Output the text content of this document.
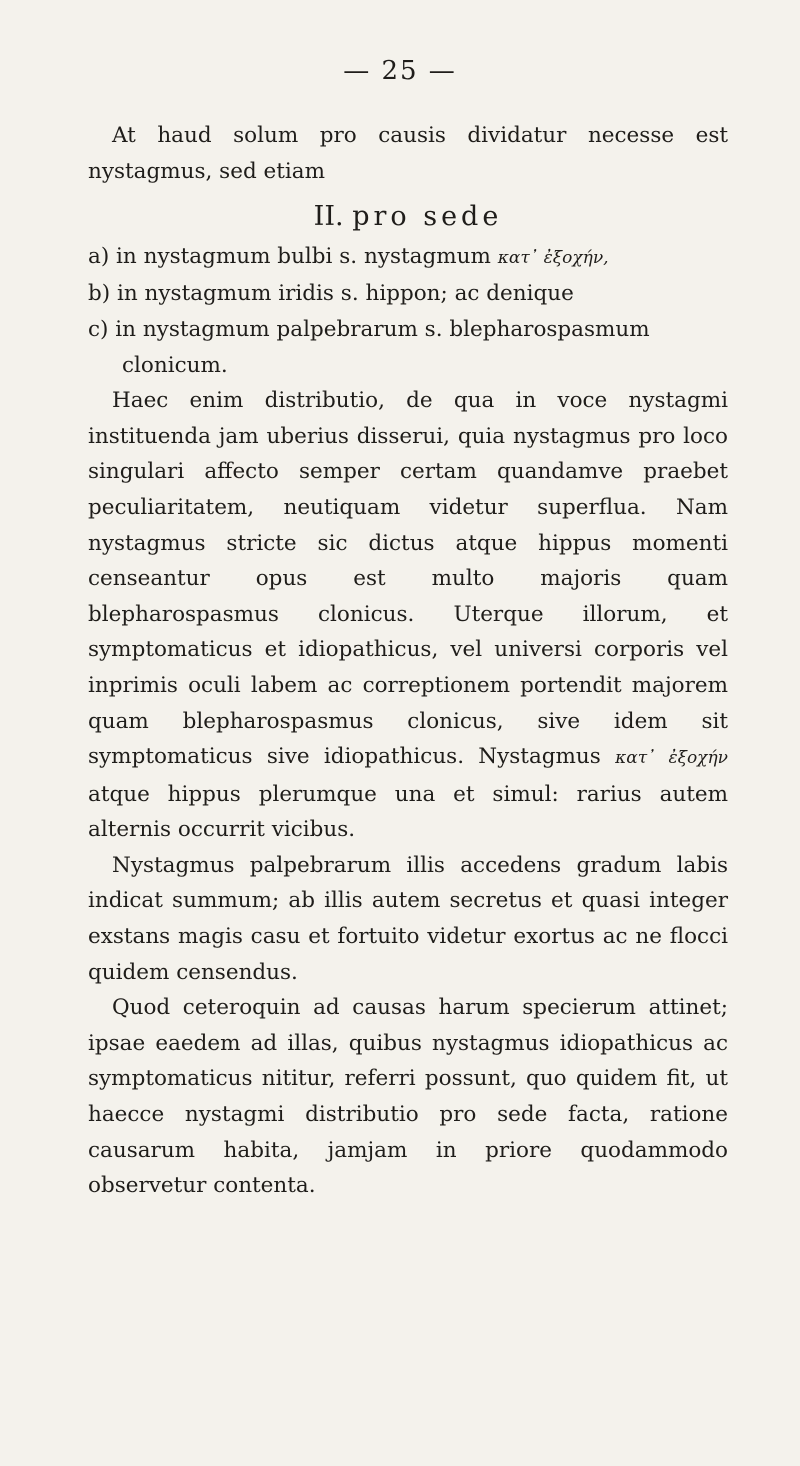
— 25 —

At haud solum pro causis dividatur necesse est nystagmus, sed etiam

II. pro sede

a) in nystagmum bulbi s. nystagmum κατ᾽ ἐξοχήν,

b) in nystagmum iridis s. hippon; ac denique

c) in nystagmum palpebrarum s. blepharospasmum

clonicum.

Haec enim distributio, de qua in voce nystagmi instituenda jam uberius disserui, quia nystagmus pro loco singulari affecto semper certam quandamve praebet peculiaritatem, neutiquam videtur superflua. Nam nystagmus stricte sic dictus atque hippus momenti censeantur opus est multo majoris quam blepharospasmus clonicus. Uterque illorum, et symptomaticus et idiopathicus, vel universi corporis vel inprimis oculi labem ac correptionem portendit majorem quam blepharospasmus clonicus, sive idem sit symptomaticus sive idiopathicus. Nystagmus κατ᾽ ἐξοχήν atque hippus plerumque una et simul: rarius autem alternis occurrit vicibus.

Nystagmus palpebrarum illis accedens gradum labis indicat summum; ab illis autem secretus et quasi integer exstans magis casu et fortuito videtur exortus ac ne flocci quidem censendus.

Quod ceteroquin ad causas harum specierum attinet; ipsae eaedem ad illas, quibus nystagmus idiopathicus ac symptomaticus nititur, referri possunt, quo quidem fit, ut haecce nystagmi distributio pro sede facta, ratione causarum habita, jamjam in priore quodammodo observetur contenta.
